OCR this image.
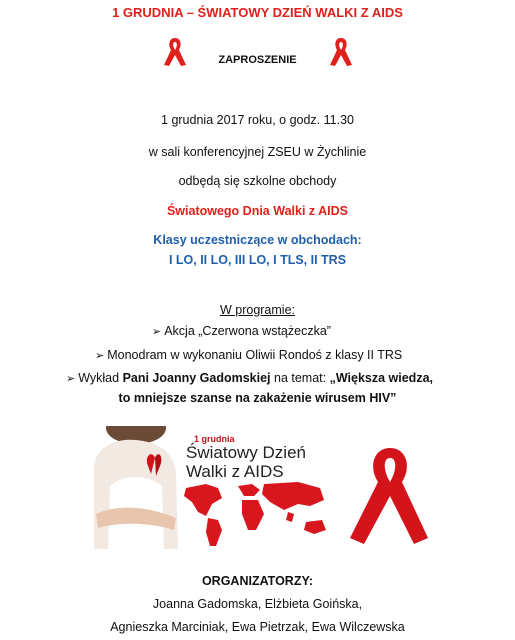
1 GRUDNIA – ŚWIATOWY DZIEŃ WALKI Z AIDS
ZAPROSZENIE
1 grudnia 2017 roku, o godz. 11.30
w sali konferencyjnej ZSEU w Żychlinie
odbędą się szkolne obchody
Światowego Dnia Walki z AIDS
Klasy uczestniczące w obchodach:
I LO, II LO, III LO, I TLS, II TRS
W programie:
➢ Akcja „Czerwona wstążeczka”
➢ Monodram w wykonaniu Oliwii Rondoś z klasy II TRS
➢ Wykład Pani Joanny Gadomskiej na temat: „Większa wiedza,
to mniejsze szanse na zakażenie wirusem HIV”
1 grudnia
Światowy Dzień
Walki z AIDS
ORGANIZATORZY:
Joanna Gadomska, Elżbieta Goińska,
Agnieszka Marciniak, Ewa Pietrzak, Ewa Wilczewska
